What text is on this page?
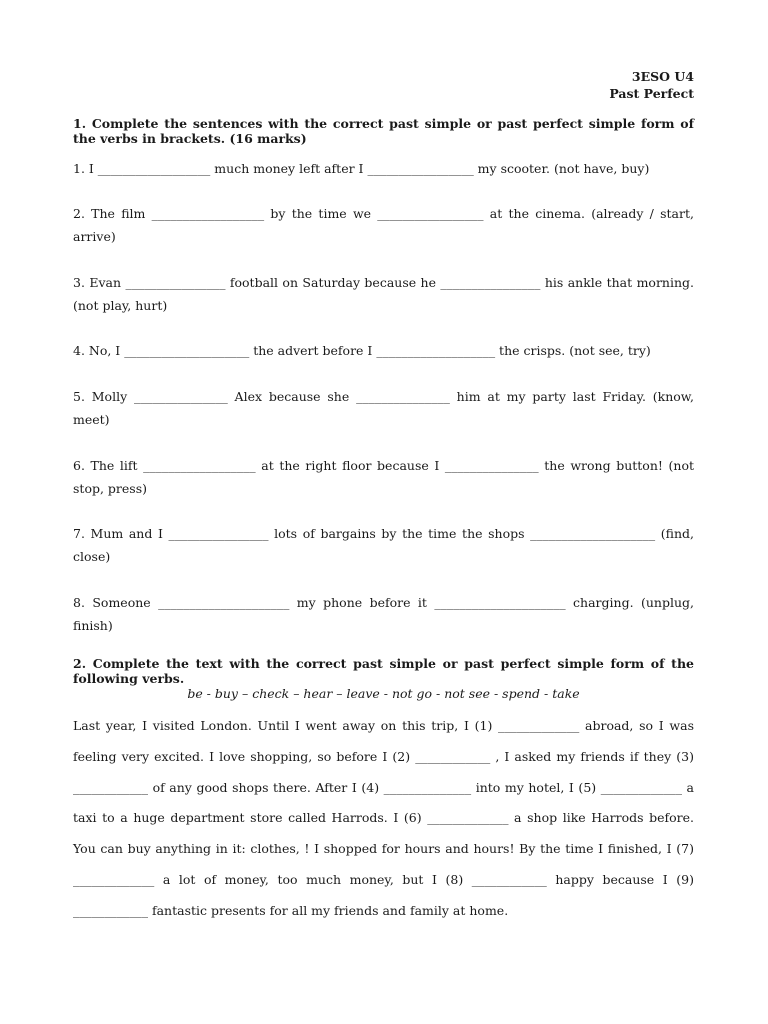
3ESO U4
Past Perfect
1. Complete the sentences with the correct past simple or past perfect simple form of the verbs in brackets. (16 marks)
1. I __________________ much money left after I _________________ my scooter. (not have, buy)
2. The film __________________ by the time we _________________ at the cinema. (already / start, arrive)
3. Evan ________________ football on Saturday because he ________________ his ankle that morning. (not play, hurt)
4. No, I ____________________ the advert before I ___________________ the crisps. (not see, try)
5. Molly _______________ Alex because she _______________ him at my party last Friday. (know, meet)
6. The lift __________________ at the right floor because I _______________ the wrong button! (not stop, press)
7. Mum and I ________________ lots of bargains by the time the shops ____________________ (find, close)
8. Someone _____________________ my phone before it _____________________ charging. (unplug, finish)
2. Complete the text with the correct past simple or past perfect simple form of the following verbs.
be - buy – check – hear – leave - not go - not see - spend - take
Last year, I visited London. Until I went away on this trip, I (1) _____________ abroad, so I was feeling very excited. I love shopping, so before I (2) ____________ , I asked my friends if they (3) ____________ of any good shops there. After I (4) ______________ into my hotel, I (5) _____________ a taxi to a huge department store called Harrods. I (6) _____________ a shop like Harrods before. You can buy anything in it: clothes, ! I shopped for hours and hours! By the time I finished, I (7) _____________ a lot of money, too much money, but I (8) ____________ happy because I (9) ____________ fantastic presents for all my friends and family at home.
